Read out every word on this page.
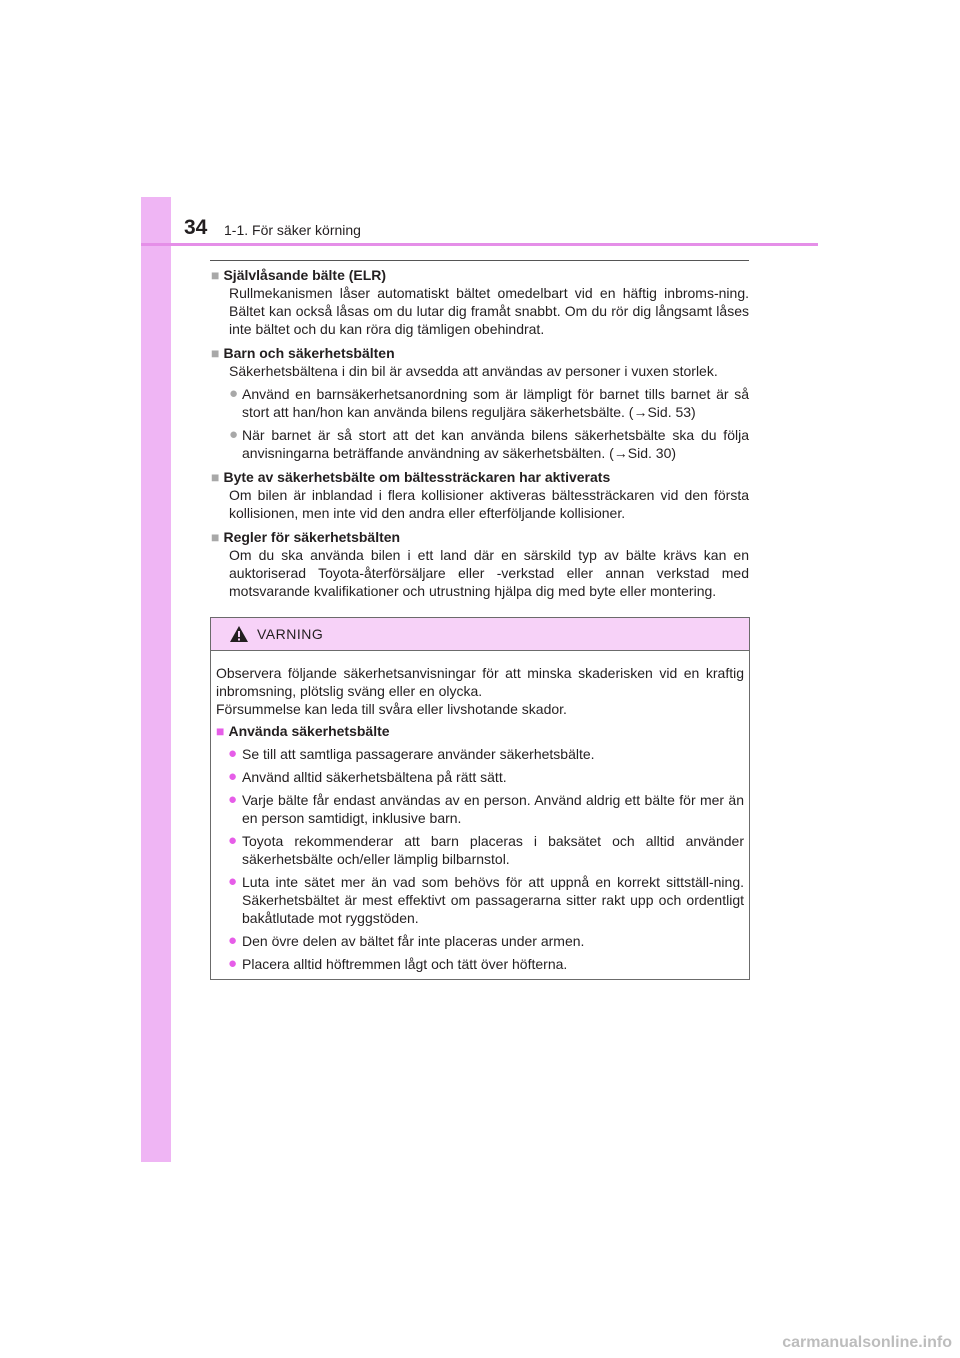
34 1-1. För säker körning
■ Självlåsande bälte (ELR)
Rullmekanismen låser automatiskt bältet omedelbart vid en häftig inbroms-ning. Bältet kan också låsas om du lutar dig framåt snabbt. Om du rör dig långsamt låses inte bältet och du kan röra dig tämligen obehindrat.
■ Barn och säkerhetsbälten
Säkerhetsbältena i din bil är avsedda att användas av personer i vuxen storlek.
● Använd en barnsäkerhetsanordning som är lämpligt för barnet tills barnet är så stort att han/hon kan använda bilens reguljära säkerhetsbälte. (→Sid. 53)
● När barnet är så stort att det kan använda bilens säkerhetsbälte ska du följa anvisningarna beträffande användning av säkerhetsbälten. (→Sid. 30)
■ Byte av säkerhetsbälte om bältessträckaren har aktiverats
Om bilen är inblandad i flera kollisioner aktiveras bältessträckaren vid den första kollisionen, men inte vid den andra eller efterföljande kollisioner.
■ Regler för säkerhetsbälten
Om du ska använda bilen i ett land där en särskild typ av bälte krävs kan en auktoriserad Toyota-återförsäljare eller -verkstad eller annan verkstad med motsvarande kvalifikationer och utrustning hjälpa dig med byte eller montering.
VARNING
Observera följande säkerhetsanvisningar för att minska skaderisken vid en kraftig inbromsning, plötslig sväng eller en olycka.
Försummelse kan leda till svåra eller livshotande skador.
■ Använda säkerhetsbälte
● Se till att samtliga passagerare använder säkerhetsbälte.
● Använd alltid säkerhetsbältena på rätt sätt.
● Varje bälte får endast användas av en person. Använd aldrig ett bälte för mer än en person samtidigt, inklusive barn.
● Toyota rekommenderar att barn placeras i baksätet och alltid använder säkerhetsbälte och/eller lämplig bilbarnstol.
● Luta inte sätet mer än vad som behövs för att uppnå en korrekt sittställ-ning. Säkerhetsbältet är mest effektivt om passagerarna sitter rakt upp och ordentligt bakåtlutade mot ryggstöden.
● Den övre delen av bältet får inte placeras under armen.
● Placera alltid höftremmen lågt och tätt över höfterna.
carmanualsonline.info
